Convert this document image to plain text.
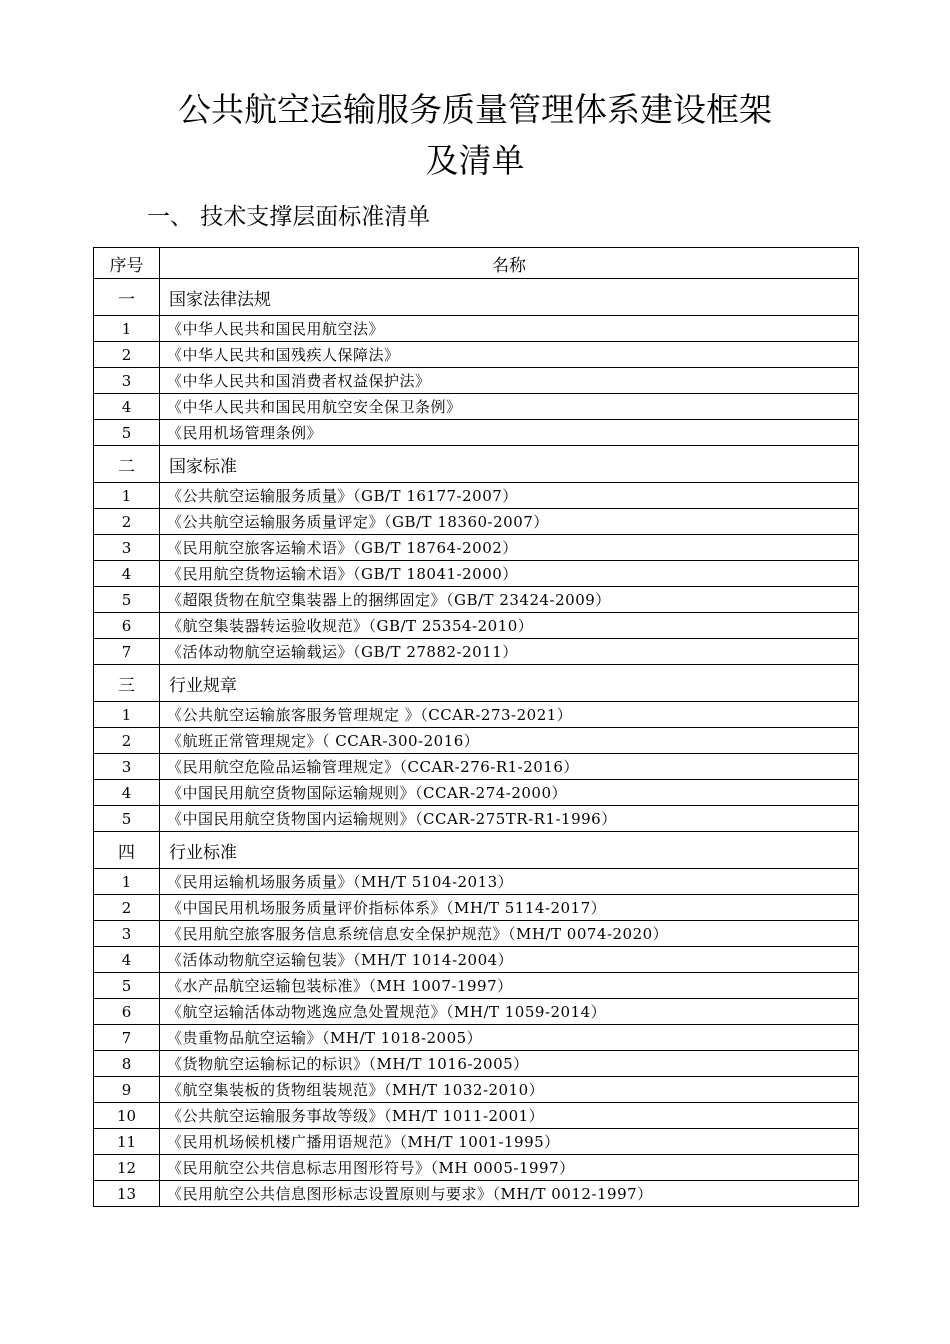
公共航空运输服务质量管理体系建设框架
及清单
一、 技术支撑层面标准清单
序号	名称
一	国家法律法规
1	《中华人民共和国民用航空法》
2	《中华人民共和国残疾人保障法》
3	《中华人民共和国消费者权益保护法》
4	《中华人民共和国民用航空安全保卫条例》
5	《民用机场管理条例》
二	国家标准
1	《公共航空运输服务质量》（GB/T 16177-2007）
2	《公共航空运输服务质量评定》（GB/T 18360-2007）
3	《民用航空旅客运输术语》（GB/T 18764-2002）
4	《民用航空货物运输术语》（GB/T 18041-2000）
5	《超限货物在航空集装器上的捆绑固定》（GB/T 23424-2009）
6	《航空集装器转运验收规范》（GB/T 25354-2010）
7	《活体动物航空运输载运》（GB/T 27882-2011）
三	行业规章
1	《公共航空运输旅客服务管理规定 》（CCAR-273-2021）
2	《航班正常管理规定》（ CCAR-300-2016）
3	《民用航空危险品运输管理规定》（CCAR-276-R1-2016）
4	《中国民用航空货物国际运输规则》（CCAR-274-2000）
5	《中国民用航空货物国内运输规则》（CCAR-275TR-R1-1996）
四	行业标准
1	《民用运输机场服务质量》（MH/T 5104-2013）
2	《中国民用机场服务质量评价指标体系》（MH/T 5114-2017）
3	《民用航空旅客服务信息系统信息安全保护规范》（MH/T 0074-2020）
4	《活体动物航空运输包装》（MH/T 1014-2004）
5	《水产品航空运输包装标准》（MH 1007-1997）
6	《航空运输活体动物逃逸应急处置规范》（MH/T 1059-2014）
7	《贵重物品航空运输》（MH/T 1018-2005）
8	《货物航空运输标记的标识》（MH/T 1016-2005）
9	《航空集装板的货物组装规范》（MH/T 1032-2010）
10	《公共航空运输服务事故等级》（MH/T 1011-2001）
11	《民用机场候机楼广播用语规范》（MH/T 1001-1995）
12	《民用航空公共信息标志用图形符号》（MH 0005-1997）
13	《民用航空公共信息图形标志设置原则与要求》（MH/T 0012-1997）
